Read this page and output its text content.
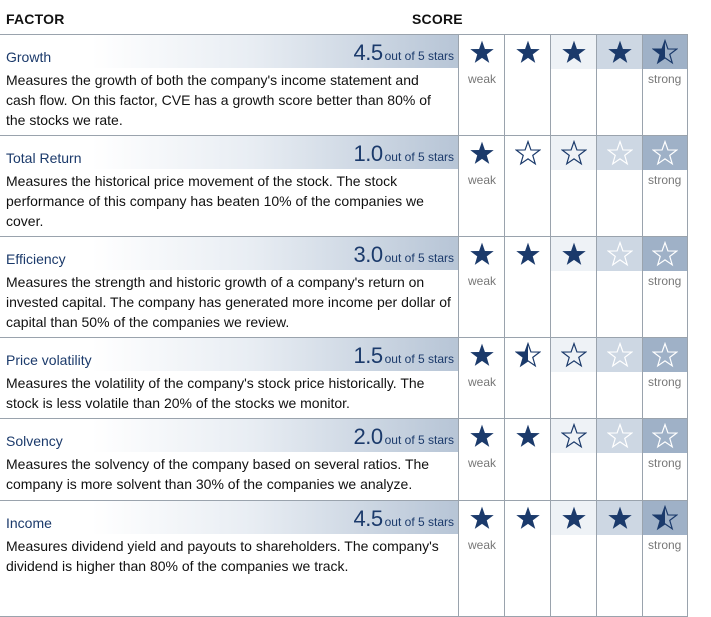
FACTOR	SCORE
Growth	4.5 out of 5 stars
Measures the growth of both the company's income statement and cash flow. On this factor, CVE has a growth score better than 80% of the stocks we rate.
weak	strong
Total Return	1.0 out of 5 stars
Measures the historical price movement of the stock. The stock performance of this company has beaten 10% of the companies we cover.
weak	strong
Efficiency	3.0 out of 5 stars
Measures the strength and historic growth of a company's return on invested capital. The company has generated more income per dollar of capital than 50% of the companies we review.
weak	strong
Price volatility	1.5 out of 5 stars
Measures the volatility of the company's stock price historically. The stock is less volatile than 20% of the stocks we monitor.
weak	strong
Solvency	2.0 out of 5 stars
Measures the solvency of the company based on several ratios. The company is more solvent than 30% of the companies we analyze.
weak	strong
Income	4.5 out of 5 stars
Measures dividend yield and payouts to shareholders. The company's dividend is higher than 80% of the companies we track.
weak	strong
